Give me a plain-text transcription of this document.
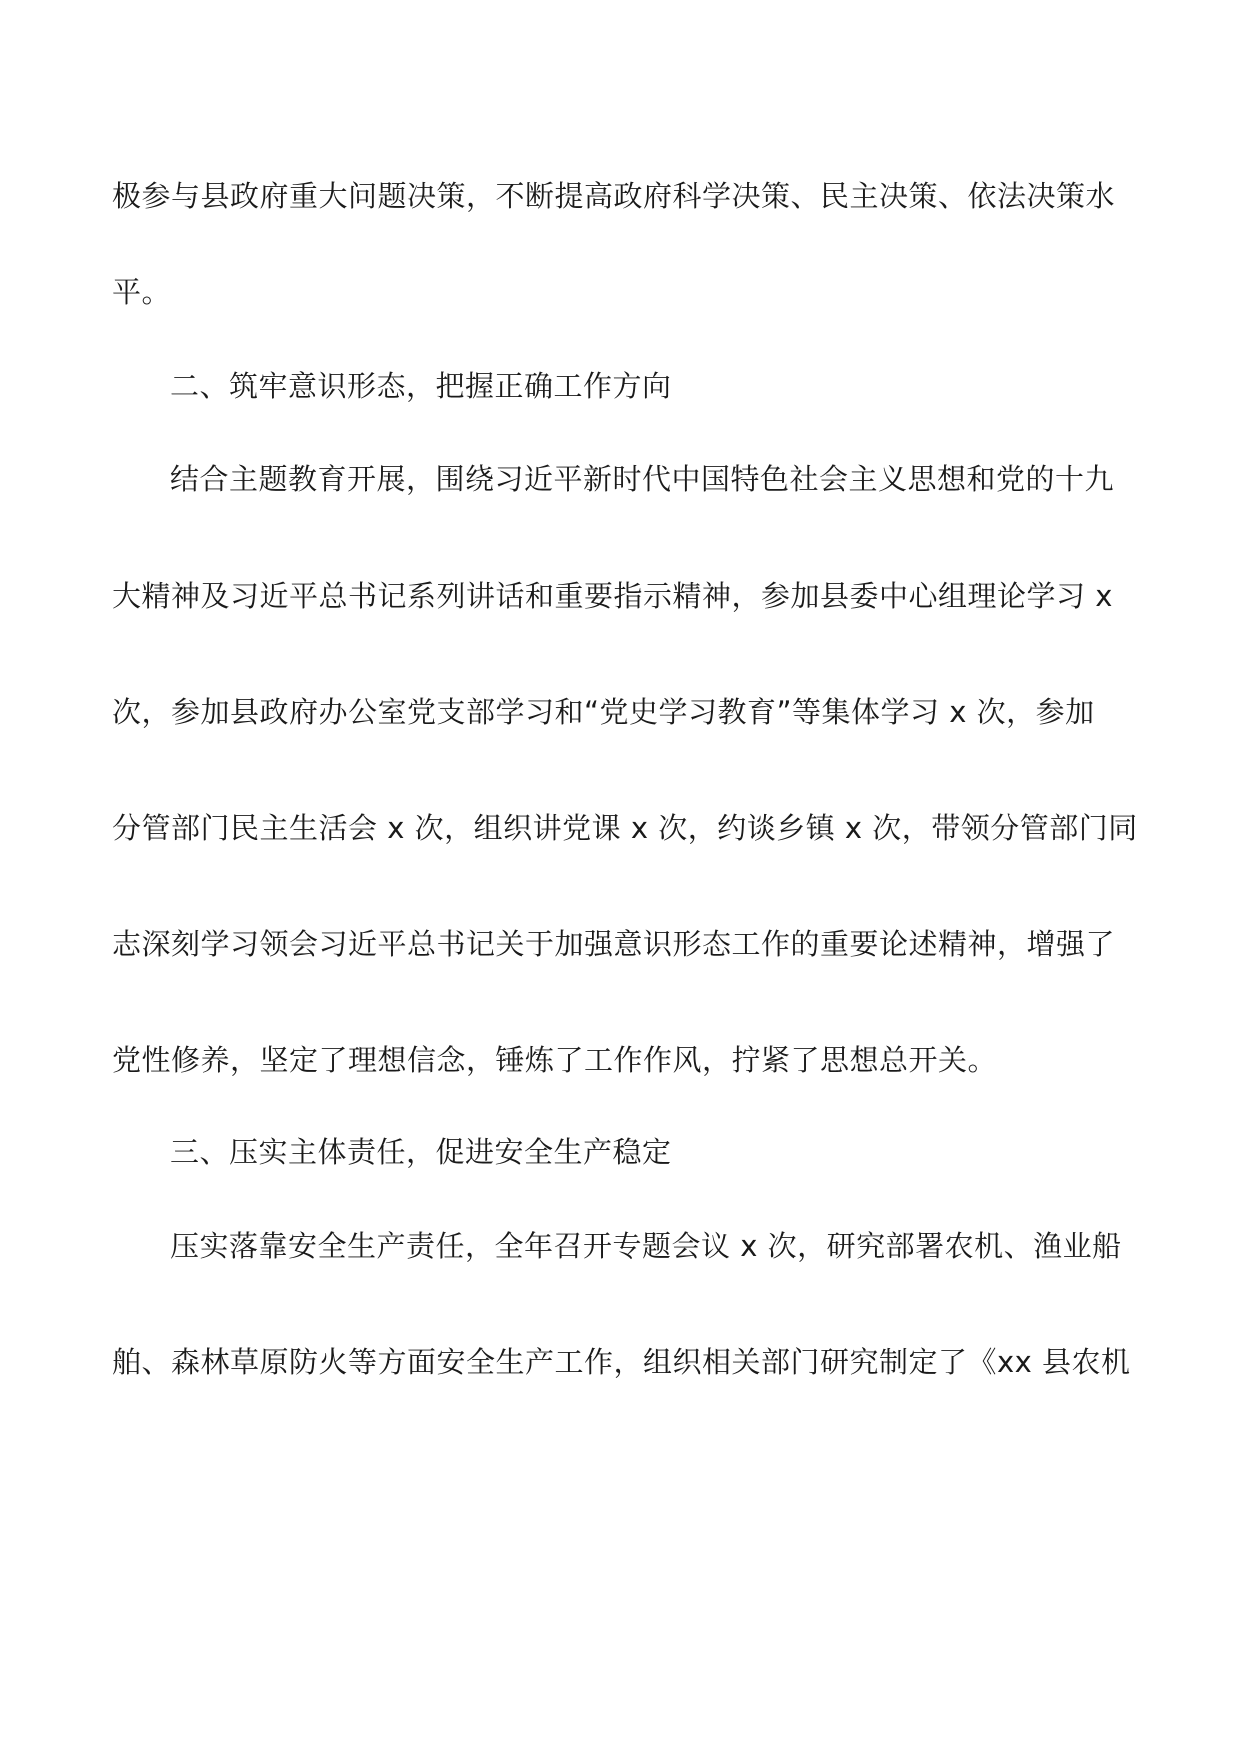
极参与县政府重大问题决策，不断提高政府科学决策、民主决策、依法决策水
平。
二、筑牢意识形态，把握正确工作方向
结合主题教育开展，围绕习近平新时代中国特色社会主义思想和党的十九
大精神及习近平总书记系列讲话和重要指示精神，参加县委中心组理论学习 x
次，参加县政府办公室党支部学习和“党史学习教育”等集体学习 x 次，参加
分管部门民主生活会 x 次，组织讲党课 x 次，约谈乡镇 x 次，带领分管部门同
志深刻学习领会习近平总书记关于加强意识形态工作的重要论述精神，增强了
党性修养，坚定了理想信念，锤炼了工作作风，拧紧了思想总开关。
三、压实主体责任，促进安全生产稳定
压实落靠安全生产责任，全年召开专题会议 x 次，研究部署农机、渔业船
舶、森林草原防火等方面安全生产工作，组织相关部门研究制定了《xx 县农机
